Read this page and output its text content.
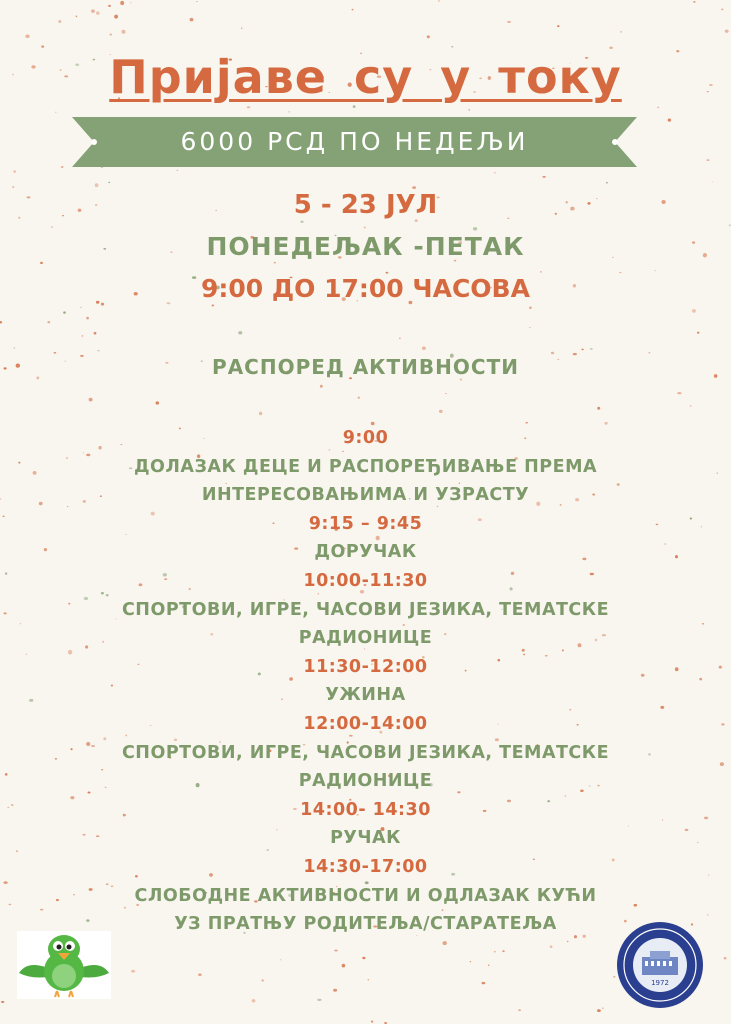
Пријаве су у току
6000 РСД ПО НЕДЕЉИ
5 - 23 ЈУЛ
ПОНЕДЕЉАК -ПЕТАК
9:00 ДО 17:00 ЧАСОВА
РАСПОРЕД АКТИВНОСТИ
9:00
ДОЛАЗАК ДЕЦЕ И РАСПОРЕЂИВАЊЕ ПРЕМА
ИНТЕРЕСОВАЊИМА И УЗРАСТУ
9:15 – 9:45
ДОРУЧАК
10:00-11:30
СПОРТОВИ, ИГРЕ, ЧАСОВИ ЈЕЗИКА, ТЕМАТСКЕ
РАДИОНИЦЕ
11:30-12:00
УЖИНА
12:00-14:00
СПОРТОВИ, ИГРЕ, ЧАСОВИ ЈЕЗИКА, ТЕМАТСКЕ
РАДИОНИЦЕ
14:00- 14:30
РУЧАК
14:30-17:00
СЛОБОДНЕ АКТИВНОСТИ И ОДЛАЗАК КУЋИ
УЗ ПРАТЊУ РОДИТЕЉА/СТАРАТЕЉА
1972
